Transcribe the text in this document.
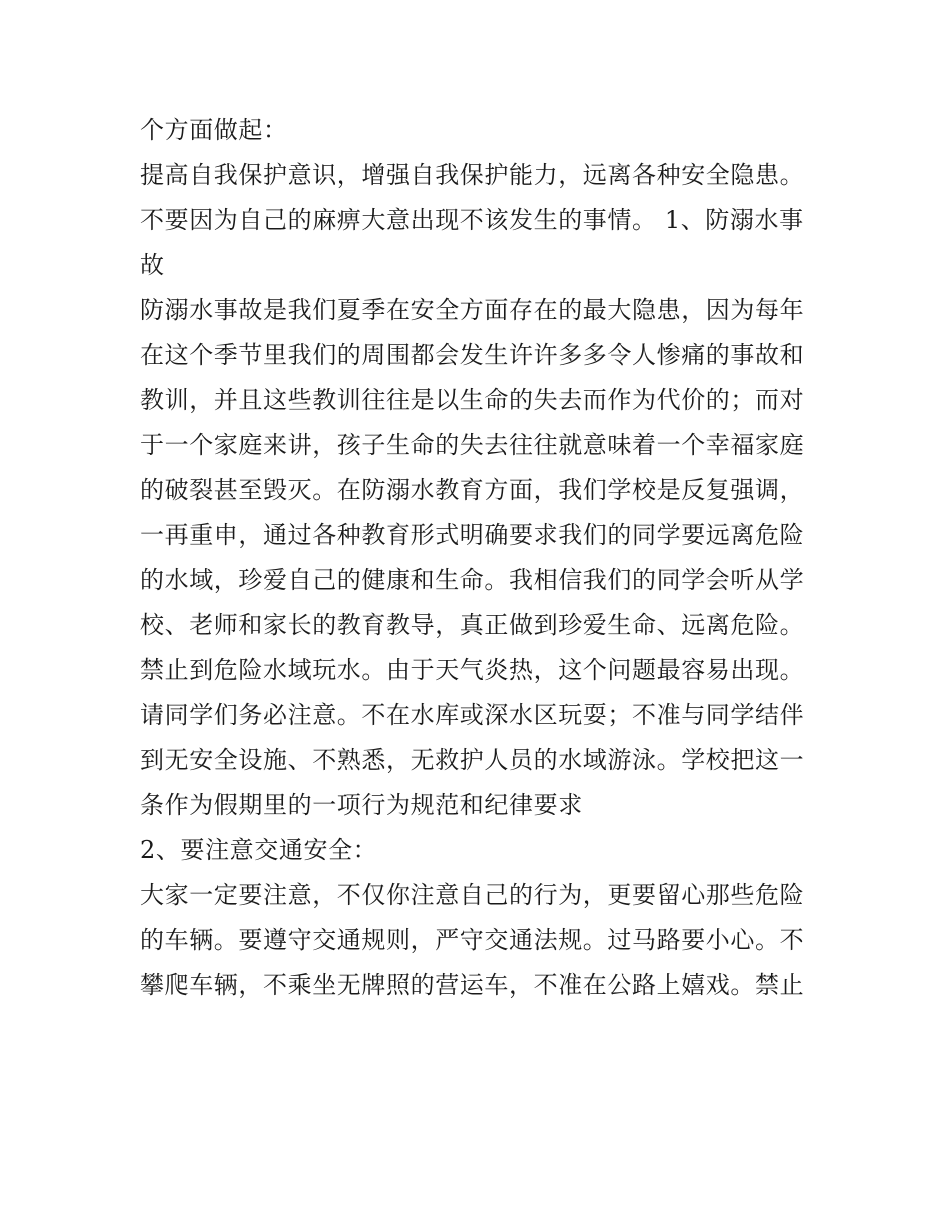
个方面做起：
提高自我保护意识，增强自我保护能力，远离各种安全隐患。
不要因为自己的麻痹大意出现不该发生的事情。 1、防溺水事
故
防溺水事故是我们夏季在安全方面存在的最大隐患，因为每年
在这个季节里我们的周围都会发生许许多多令人惨痛的事故和
教训，并且这些教训往往是以生命的失去而作为代价的；而对
于一个家庭来讲，孩子生命的失去往往就意味着一个幸福家庭
的破裂甚至毁灭。在防溺水教育方面，我们学校是反复强调，
一再重申，通过各种教育形式明确要求我们的同学要远离危险
的水域，珍爱自己的健康和生命。我相信我们的同学会听从学
校、老师和家长的教育教导，真正做到珍爱生命、远离危险。
禁止到危险水域玩水。由于天气炎热，这个问题最容易出现。
请同学们务必注意。不在水库或深水区玩耍；不准与同学结伴
到无安全设施、不熟悉，无救护人员的水域游泳。学校把这一
条作为假期里的一项行为规范和纪律要求
2、要注意交通安全：
大家一定要注意，不仅你注意自己的行为，更要留心那些危险
的车辆。要遵守交通规则，严守交通法规。过马路要小心。不
攀爬车辆，不乘坐无牌照的营运车，不准在公路上嬉戏。禁止
